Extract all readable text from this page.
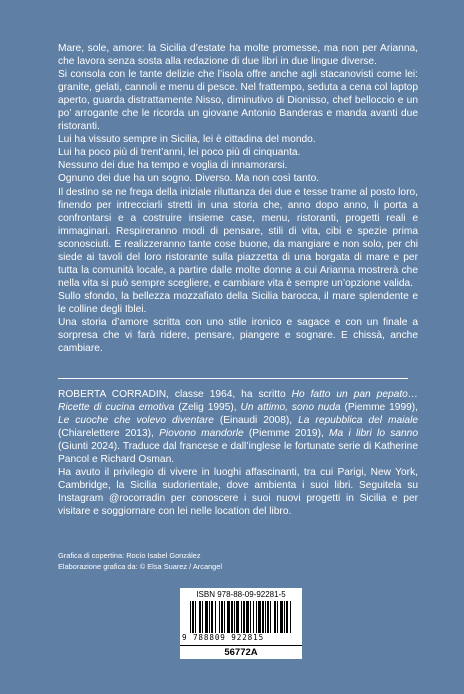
Mare, sole, amore: la Sicilia d’estate ha molte promesse, ma non per Arianna, che lavora senza sosta alla redazione di due libri in due lingue diverse.

Si consola con le tante delizie che l’isola offre anche agli stacanovisti come lei: granite, gelati, cannoli e menu di pesce. Nel frattempo, seduta a cena col laptop aperto, guarda distrattamente Nisso, diminutivo di Dionisso, chef belloccio e un po’ arrogante che le ricorda un giovane Antonio Banderas e manda avanti due ristoranti.

Lui ha vissuto sempre in Sicilia, lei è cittadina del mondo.

Lui ha poco più di trent’anni, lei poco più di cinquanta.

Nessuno dei due ha tempo e voglia di innamorarsi.

Ognuno dei due ha un sogno. Diverso. Ma non così tanto.

Il destino se ne frega della iniziale riluttanza dei due e tesse trame al posto loro, finendo per intrecciarli stretti in una storia che, anno dopo anno, li porta a confrontarsi e a costruire insieme case, menu, ristoranti, progetti reali e immaginari. Respireranno modi di pensare, stili di vita, cibi e spezie prima sconosciuti. E realizzeranno tante cose buone, da mangiare e non solo, per chi siede ai tavoli del loro ristorante sulla piazzetta di una borgata di mare e per tutta la comunità locale, a partire dalle molte donne a cui Arianna mostrerà che nella vita si può sempre scegliere, e cambiare vita è sempre un’opzione valida.

Sullo sfondo, la bellezza mozzafiato della Sicilia barocca, il mare splendente e le colline degli Iblei.

Una storia d’amore scritta con uno stile ironico e sagace e con un finale a sorpresa che vi farà ridere, pensare, piangere e sognare. E chissà, anche cambiare.

ROBERTA CORRADIN, classe 1964, ha scritto Ho fatto un pan pepato… Ricette di cucina emotiva (Zelig 1995), Un attimo, sono nuda (Piemme 1999), Le cuoche che volevo diventare (Einaudi 2008), La repubblica del maiale (Chiarelettere 2013), Piovono mandorle (Piemme 2019), Ma i libri lo sanno (Giunti 2024). Traduce dal francese e dall’inglese le fortunate serie di Katherine Pancol e Richard Osman.

Ha avuto il privilegio di vivere in luoghi affascinanti, tra cui Parigi, New York, Cambridge, la Sicilia sudorientale, dove ambienta i suoi libri. Seguitela su Instagram @rocorradin per conoscere i suoi nuovi progetti in Sicilia e per visitare e soggiornare con lei nelle location del libro.

Grafica di copertina: Rocío Isabel González
Elaborazione grafica da: © Elsa Suarez / Arcangel
ISBN 978-88-09-92281-5
9 788809 922815
56772A
